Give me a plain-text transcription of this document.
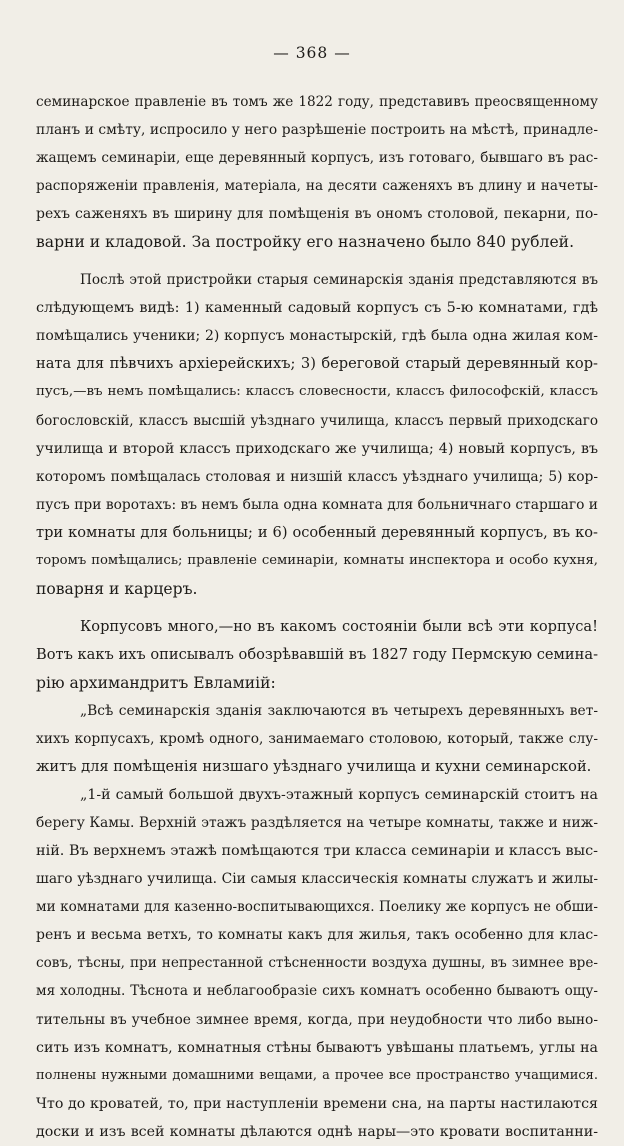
— 368 —
семинарское правленіе въ томъ же 1822 году, представивъ преосвященному
планъ и смѣту, испросило у него разрѣшеніе построить на мѣстѣ, принадле-
жащемъ семинаріи, еще деревянный корпусъ, изъ готоваго, бывшаго въ рас-
распоряженіи правленія, матеріала, на десяти саженяхъ въ длину и начеты-
рехъ саженяхъ въ ширину для помѣщенія въ ономъ столовой, пекарни, по-
варни и кладовой. За постройку его назначено было 840 рублей.
Послѣ этой пристройки старыя семинарскія зданія представляются въ
слѣдующемъ видѣ: 1) каменный садовый корпусъ съ 5-ю комнатами, гдѣ
помѣщались ученики; 2) корпусъ монастырскій, гдѣ была одна жилая ком-
ната для пѣвчихъ архіерейскихъ; 3) береговой старый деревянный кор-
пусъ,—въ немъ помѣщались: классъ словесности, классъ философскій, классъ
богословскій, классъ высшій уѣзднаго училища, классъ первый приходскаго
училища и второй классъ приходскаго же училища; 4) новый корпусъ, въ
которомъ помѣщалась столовая и низшій классъ уѣзднаго училища; 5) кор-
пусъ при воротахъ: въ немъ была одна комната для больничнаго старшаго и
три комнаты для больницы; и 6) особенный деревянный корпусъ, въ ко-
торомъ помѣщались; правленіе семинаріи, комнаты инспектора и особо кухня,
поварня и карцеръ.
Корпусовъ много,—но въ какомъ состояніи были всѣ эти корпуса!
Вотъ какъ ихъ описывалъ обозрѣвавшій въ 1827 году Пермскую семина-
рію архимандритъ Евламиій:
„Всѣ семинарскія зданія заключаются въ четырехъ деревянныхъ вет-
хихъ корпусахъ, кромѣ одного, занимаемаго столовою, который, также слу-
житъ для помѣщенія низшаго уѣзднаго училища и кухни семинарской.
„1-й самый большой двухъ-этажный корпусъ семинарскій стоитъ на
берегу Камы. Верхній этажъ раздѣляется на четыре комнаты, также и ниж-
ній. Въ верхнемъ этажѣ помѣщаются три класса семинаріи и классъ выс-
шаго уѣзднаго училища. Сіи самыя классическія комнаты служатъ и жилы-
ми комнатами для казенно-воспитывающихся. Поелику же корпусъ не обши-
ренъ и весьма ветхъ, то комнаты какъ для жилья, такъ особенно для клас-
совъ, тѣсны, при непрестанной стѣсненности воздуха душны, въ зимнее вре-
мя холодны. Тѣснота и неблагообразіе сихъ комнатъ особенно бываютъ ощу-
тительны въ учебное зимнее время, когда, при неудобности что либо выно-
сить изъ комнатъ, комнатныя стѣны бываютъ увѣшаны платьемъ, углы на
полнены нужными домашними вещами, а прочее все пространство учащимися.
Что до кроватей, то, при наступленіи времени сна, на парты настилаются
доски и изъ всей комнаты дѣлаются однѣ нары—это кровати воспитанни-
